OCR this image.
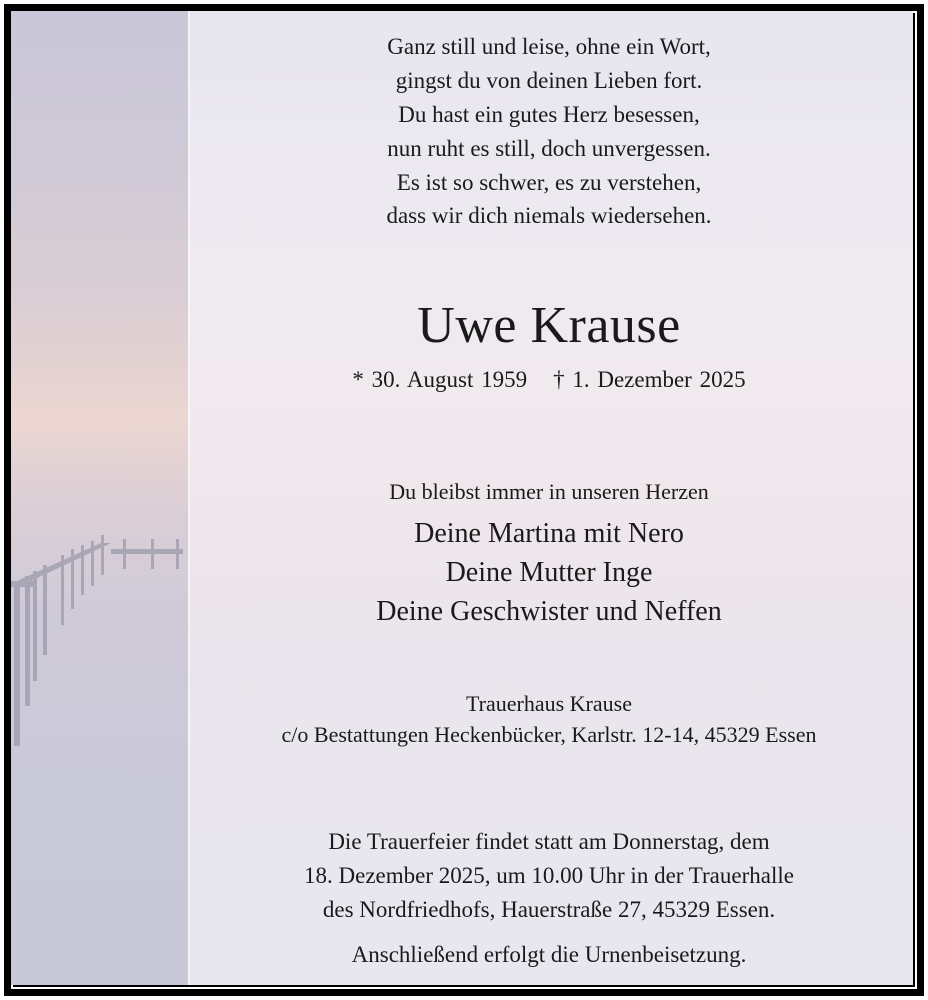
Ganz still und leise, ohne ein Wort,

gingst du von deinen Lieben fort.

Du hast ein gutes Herz besessen,

nun ruht es still, doch unvergessen.

Es ist so schwer, es zu verstehen,

dass wir dich niemals wiedersehen.

Uwe Krause

* 30. August 1959 † 1. Dezember 2025

Du bleibst immer in unseren Herzen

Deine Martina mit Nero

Deine Mutter Inge

Deine Geschwister und Neffen

Trauerhaus Krause

c/o Bestattungen Heckenbücker, Karlstr. 12-14, 45329 Essen

Die Trauerfeier findet statt am Donnerstag, dem

18. Dezember 2025, um 10.00 Uhr in der Trauerhalle

des Nordfriedhofs, Hauerstraße 27, 45329 Essen.

Anschließend erfolgt die Urnenbeisetzung.
